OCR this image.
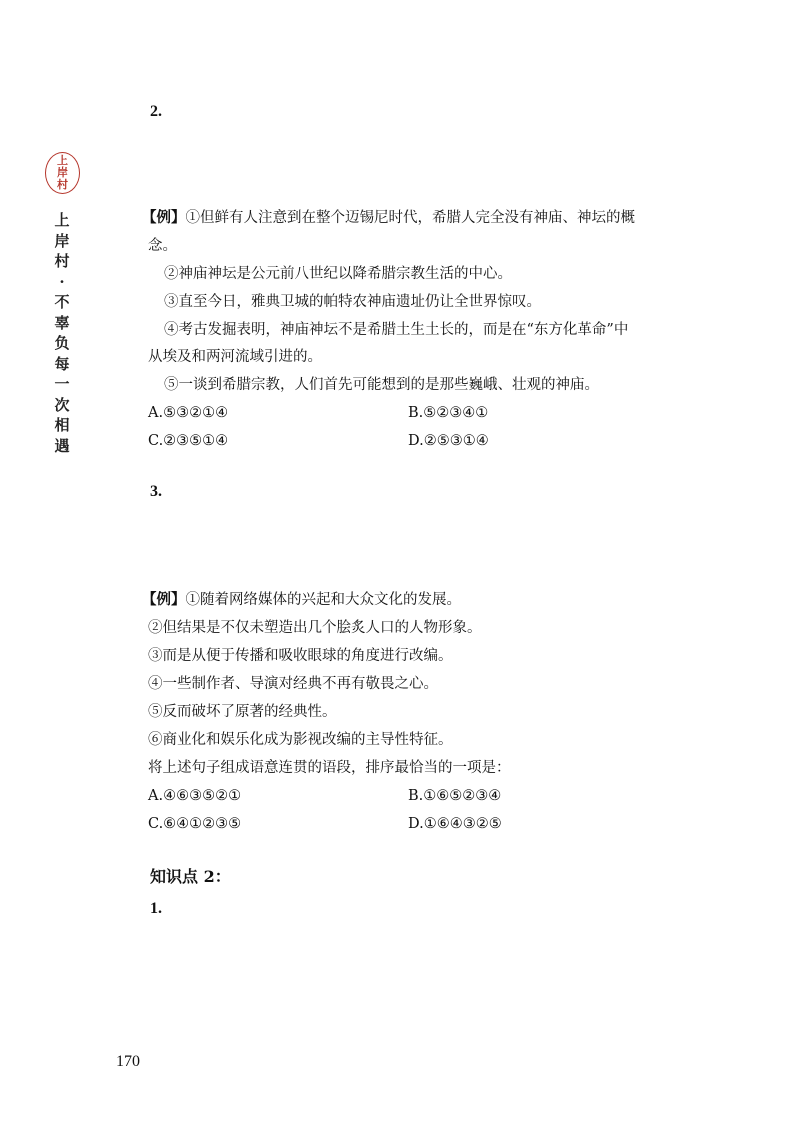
上
岸
村
上岸村·不辜负每一次相遇
2.
【例】①但鲜有人注意到在整个迈锡尼时代，希腊人完全没有神庙、神坛的概
念。
②神庙神坛是公元前八世纪以降希腊宗教生活的中心。
③直至今日，雅典卫城的帕特农神庙遗址仍让全世界惊叹。
④考古发掘表明，神庙神坛不是希腊土生土长的，而是在“东方化革命”中
从埃及和两河流域引进的。
⑤一谈到希腊宗教，人们首先可能想到的是那些巍峨、壮观的神庙。
A.⑤③②①④	B.⑤②③④①
C.②③⑤①④	D.②⑤③①④
3.
【例】①随着网络媒体的兴起和大众文化的发展。
②但结果是不仅未塑造出几个脍炙人口的人物形象。
③而是从便于传播和吸收眼球的角度进行改编。
④一些制作者、导演对经典不再有敬畏之心。
⑤反而破坏了原著的经典性。
⑥商业化和娱乐化成为影视改编的主导性特征。
将上述句子组成语意连贯的语段，排序最恰当的一项是：
A.④⑥③⑤②①	B.①⑥⑤②③④
C.⑥④①②③⑤	D.①⑥④③②⑤
知识点 2：
1.
170
